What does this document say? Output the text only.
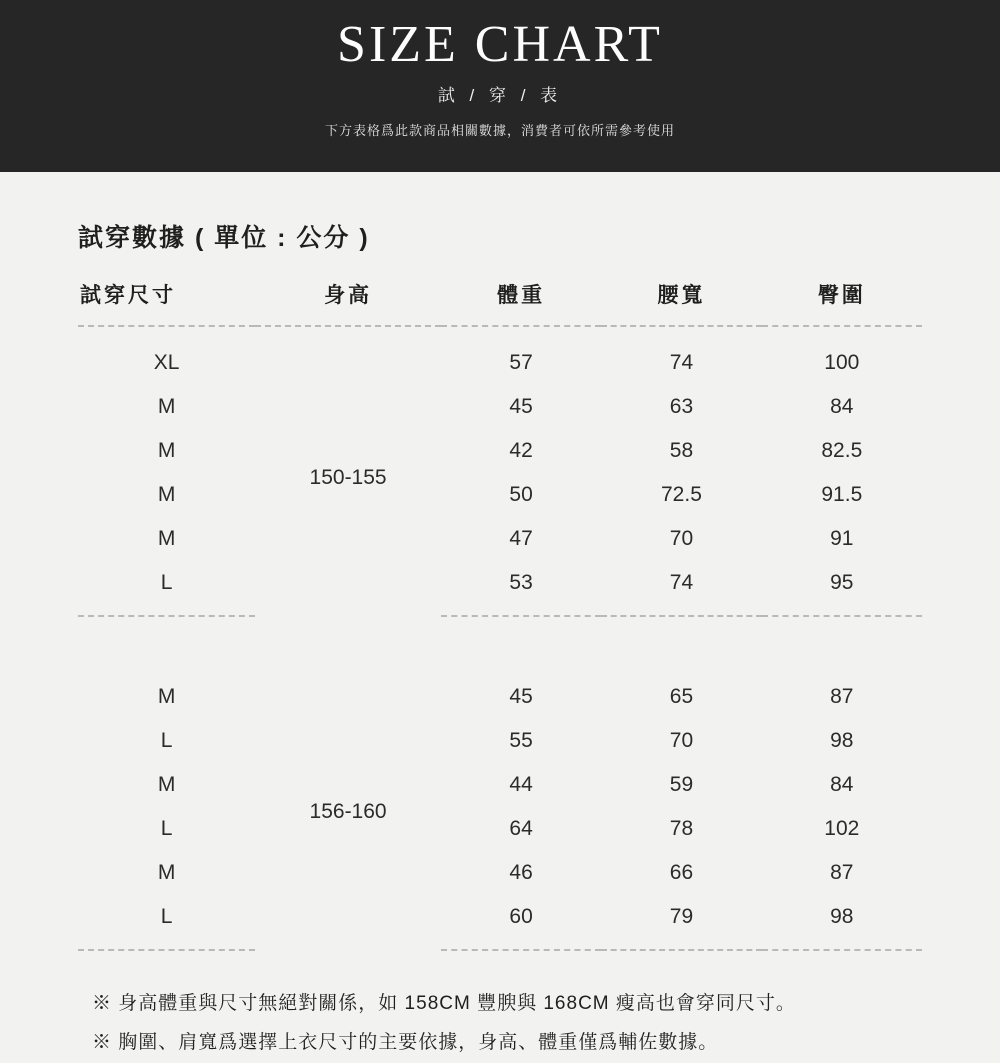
SIZE CHART
試 / 穿 / 表
下方表格爲此款商品相關數據，消費者可依所需參考使用
試穿數據 ( 單位 : 公分 )
試穿尺寸	身高	體重	腰寬	臀圍
XL	150-155	57	74	100
M		45	63	84
M		42	58	82.5
M		50	72.5	91.5
M		47	70	91
L		53	74	95

M	156-160	45	65	87
L		55	70	98
M		44	59	84
L		64	78	102
M		46	66	87
L		60	79	98
※ 身高體重與尺寸無絕對關係，如 158CM 豐腴與 168CM 瘦高也會穿同尺寸。
※ 胸圍、肩寬爲選擇上衣尺寸的主要依據，身高、體重僅爲輔佐數據。
